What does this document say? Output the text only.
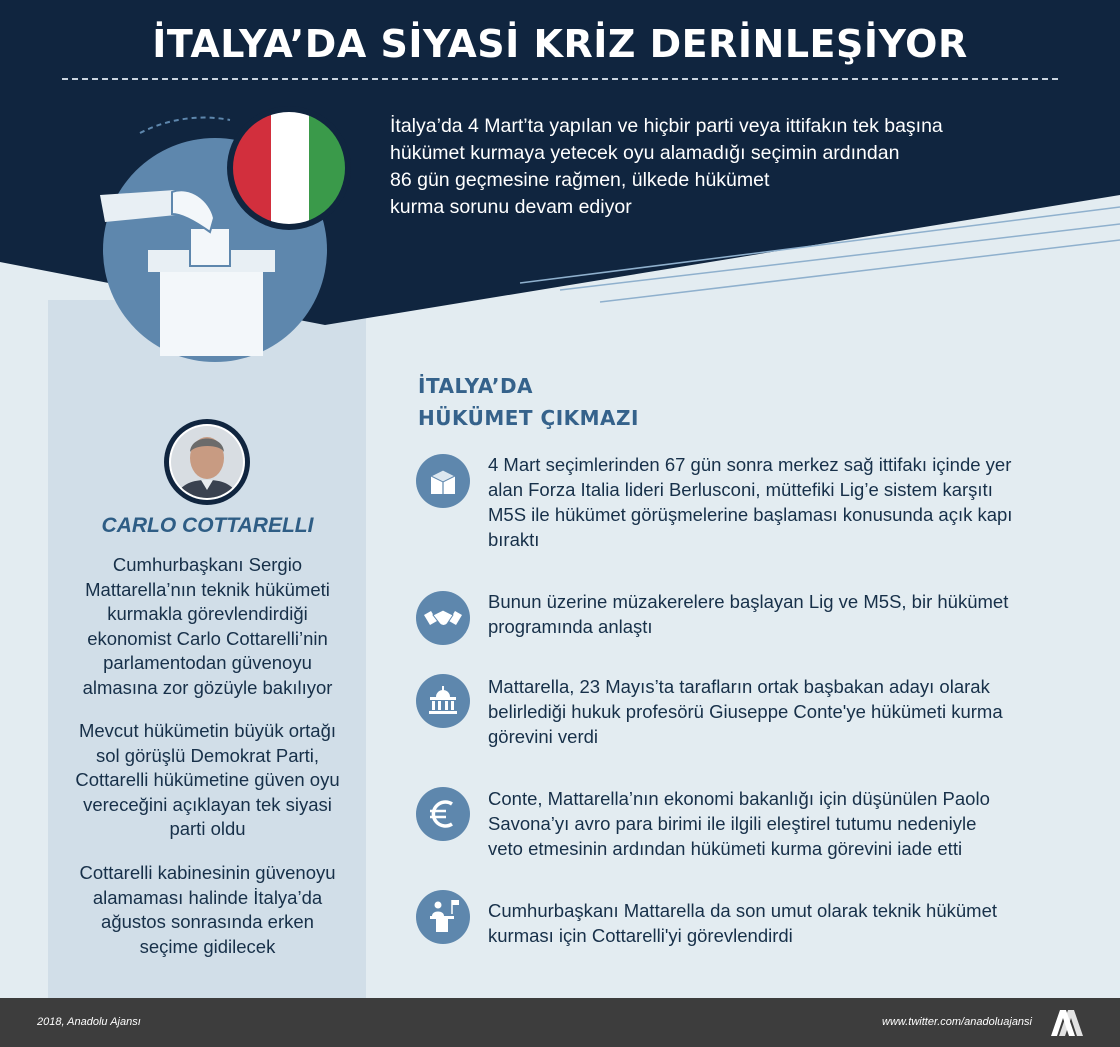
İTALYA’DA SİYASİ KRİZ DERİNLEŞİYOR
İtalya’da 4 Mart’ta yapılan ve hiçbir parti veya ittifakın tek başına
hükümet kurmaya yetecek oyu alamadığı seçimin ardından
86 gün geçmesine rağmen, ülkede hükümet
kurma sorunu devam ediyor
CARLO COTTARELLI

Cumhurbaşkanı Sergio
Mattarella’nın teknik hükümeti
kurmakla görevlendirdiği
ekonomist Carlo Cottarelli’nin
parlamentodan güvenoyu
almasına zor gözüyle bakılıyor

Mevcut hükümetin büyük ortağı
sol görüşlü Demokrat Parti,
Cottarelli hükümetine güven oyu
vereceğini açıklayan tek siyasi
parti oldu

Cottarelli kabinesinin güvenoyu
alamaması halinde İtalya’da
ağustos sonrasında erken
seçime gidilecek

İTALYA’DA
HÜKÜMET ÇIKMAZI

4 Mart seçimlerinden 67 gün sonra merkez sağ ittifakı içinde yer
alan Forza Italia lideri Berlusconi, müttefiki Lig’e sistem karşıtı
M5S ile hükümet görüşmelerine başlaması konusunda açık kapı
bıraktı

Bunun üzerine müzakerelere başlayan Lig ve M5S, bir hükümet
programında anlaştı

Mattarella, 23 Mayıs’ta tarafların ortak başbakan adayı olarak
belirlediği hukuk profesörü Giuseppe Conte'ye hükümeti kurma
görevini verdi

Conte, Mattarella’nın ekonomi bakanlığı için düşünülen Paolo
Savona’yı avro para birimi ile ilgili eleştirel tutumu nedeniyle
veto etmesinin ardından hükümeti kurma görevini iade etti

Cumhurbaşkanı Mattarella da son umut olarak teknik hükümet
kurması için Cottarelli'yi görevlendirdi

2018, Anadolu Ajansı	www.twitter.com/anadoluajansi
